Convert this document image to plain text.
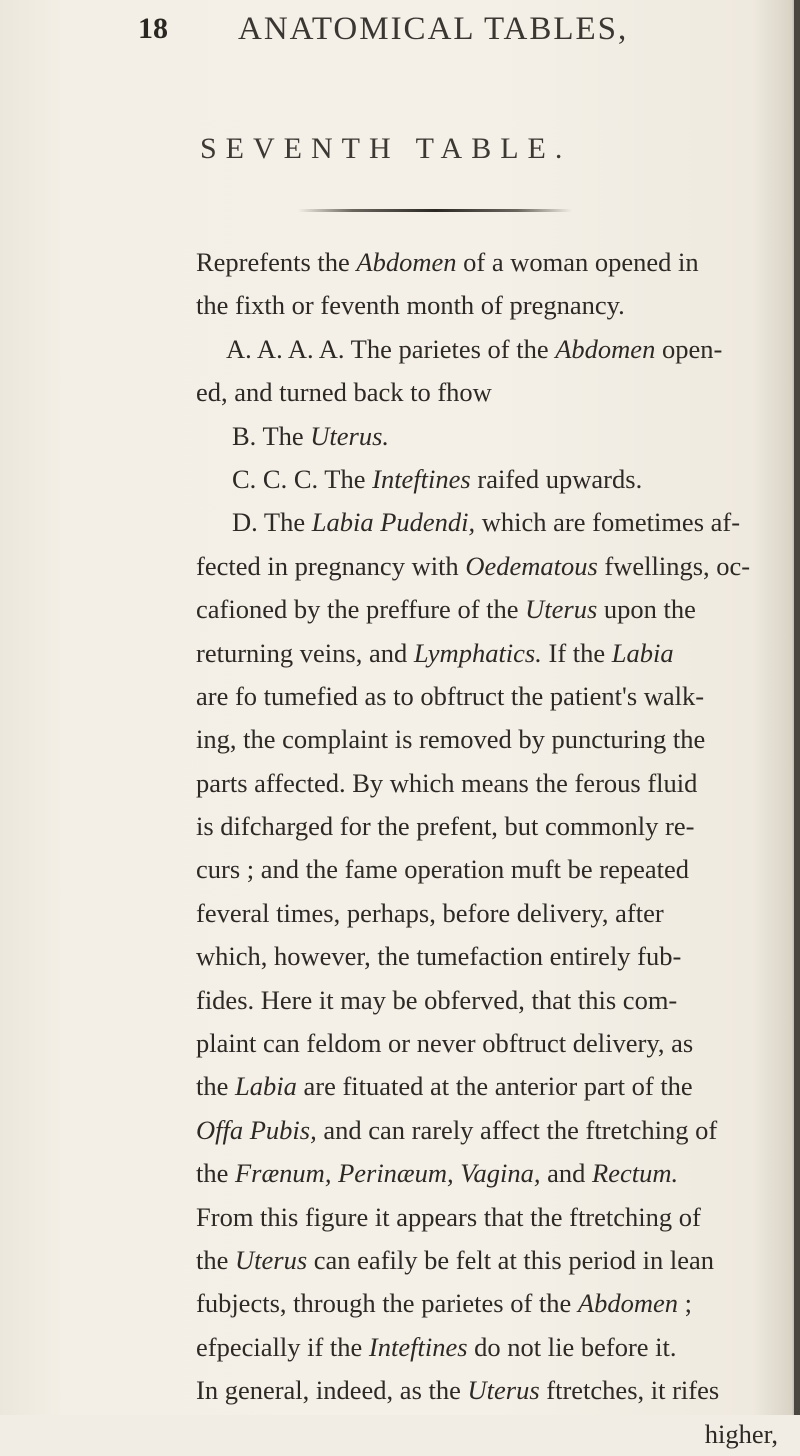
18	ANATOMICAL TABLES,
SEVENTH TABLE.
Reprefents the Abdomen of a woman opened in
the fixth or feventh month of pregnancy.
A. A. A. A. The parietes of the Abdomen open-
ed, and turned back to fhow
B. The Uterus.
C. C. C. The Inteftines raifed upwards.
D. The Labia Pudendi, which are fometimes af-
fected in pregnancy with Oedematous fwellings, oc-
cafioned by the preffure of the Uterus upon the
returning veins, and Lymphatics. If the Labia
are fo tumefied as to obftruct the patient's walk-
ing, the complaint is removed by puncturing the
parts affected. By which means the ferous fluid
is difcharged for the prefent, but commonly re-
curs ; and the fame operation muft be repeated
feveral times, perhaps, before delivery, after
which, however, the tumefaction entirely fub-
fides. Here it may be obferved, that this com-
plaint can feldom or never obftruct delivery, as
the Labia are fituated at the anterior part of the
Offa Pubis, and can rarely affect the ftretching of
the Frænum, Perinæum, Vagina, and Rectum.
From this figure it appears that the ftretching of
the Uterus can eafily be felt at this period in lean
fubjects, through the parietes of the Abdomen ;
efpecially if the Inteftines do not lie before it.
In general, indeed, as the Uterus ftretches, it rifes
higher,
